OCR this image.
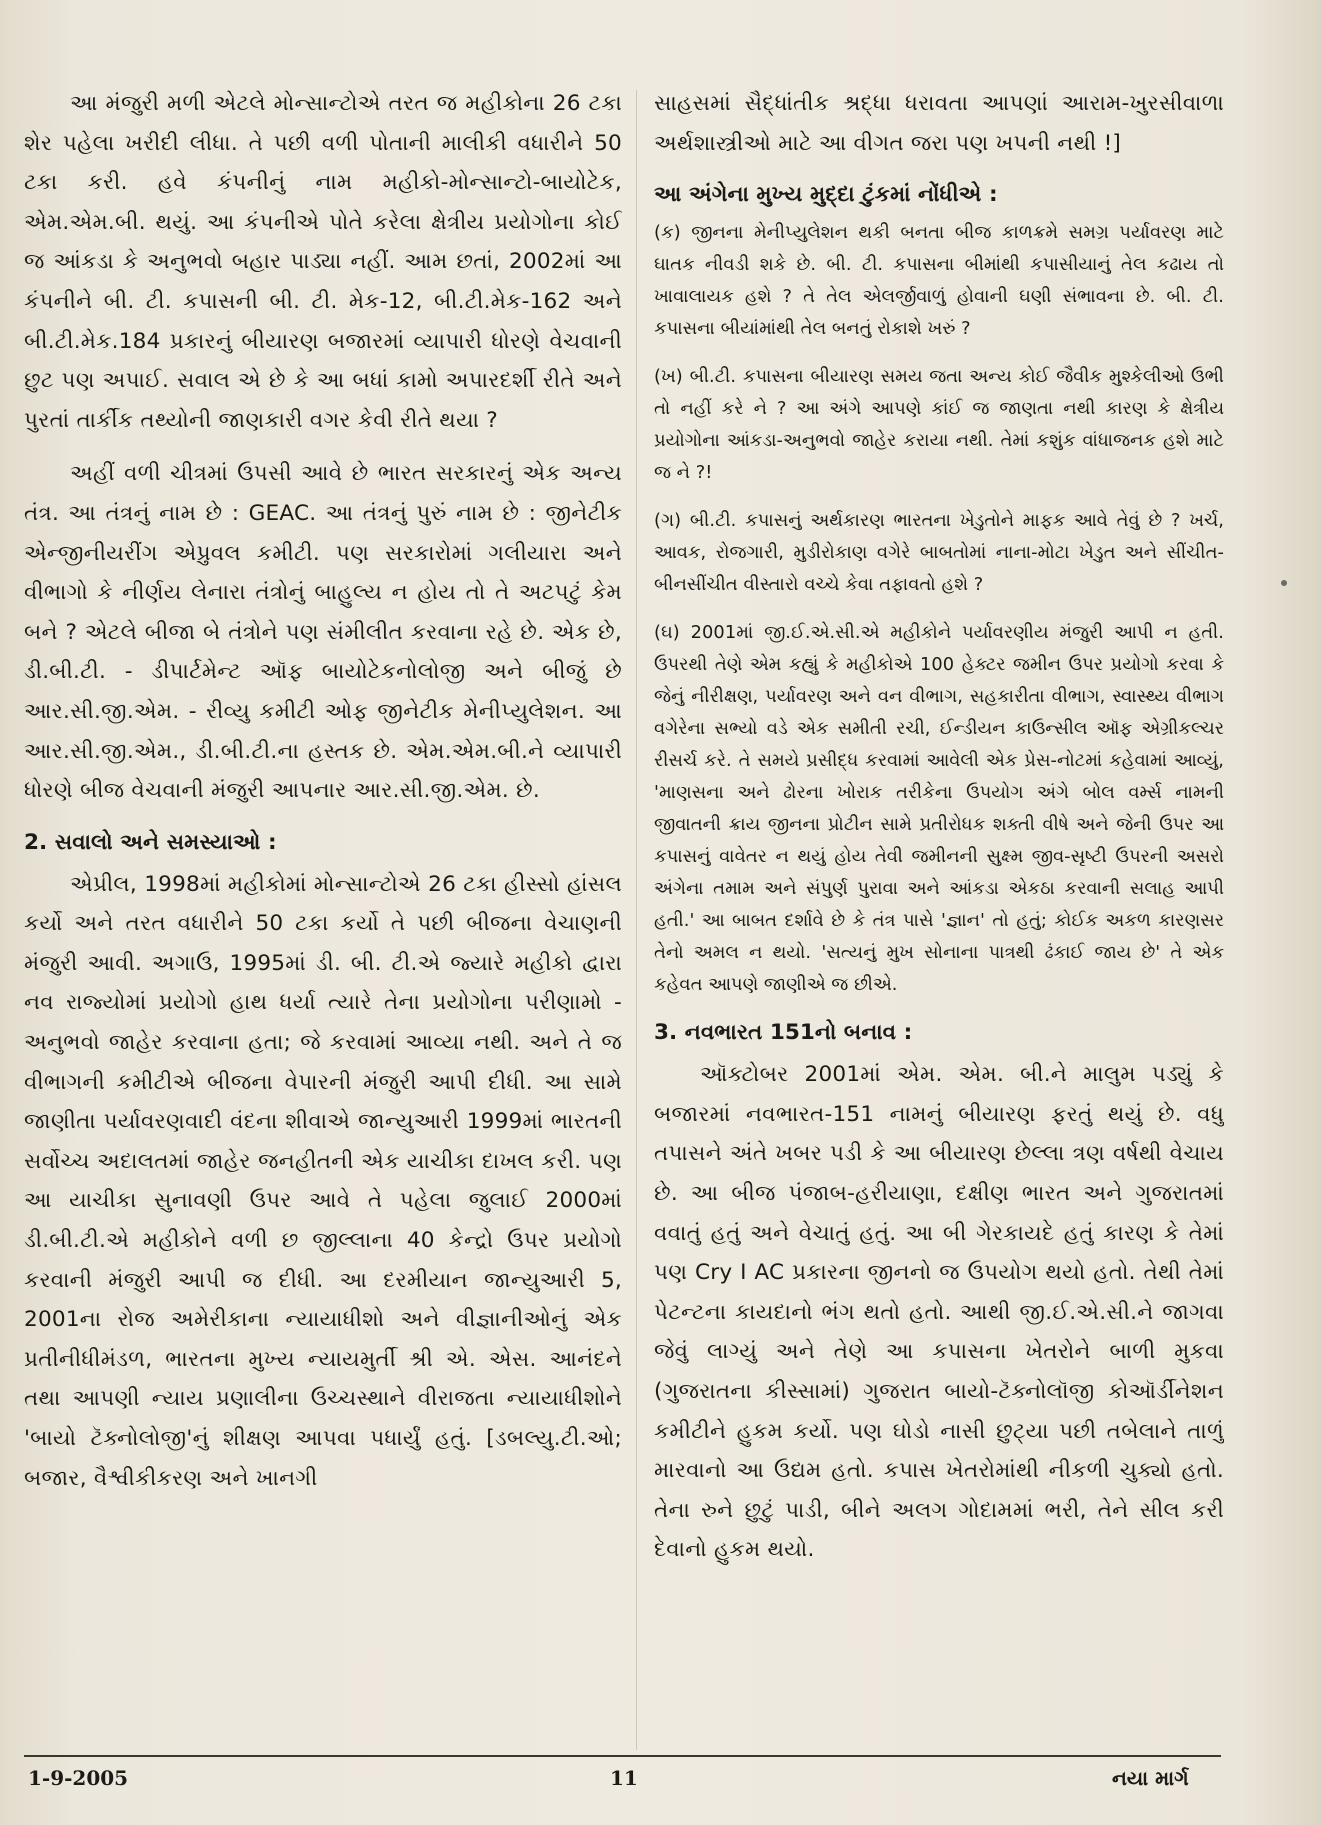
આ મંજુરી મળી એટલે મોન્સાન્ટોએ તરત જ મહીકોના 26 ટકા શેર પહેલા ખરીદી લીધા. તે પછી વળી પોતાની માલીકી વધારીને 50 ટકા કરી. હવે કંપનીનું નામ મહીકો-મોન્સાન્ટો-બાયોટેક, એમ.એમ.બી. થયું. આ કંપનીએ પોતે કરેલા ક્ષેત્રીય પ્રયોગોના કોઈ જ આંકડા કે અનુભવો બહાર પાડ્યા નહીં. આમ છતાં, 2002માં આ કંપનીને બી. ટી. કપાસની બી. ટી. મેક-12, બી.ટી.મેક-162 અને બી.ટી.મેક.184 પ્રકારનું બીયારણ બજારમાં વ્યાપારી ધોરણે વેચવાની છુટ પણ અપાઈ. સવાલ એ છે કે આ બધાં કામો અપારદર્શી રીતે અને પુરતાં તાર્કીક તથ્યોની જાણકારી વગર કેવી રીતે થયા ?

અહીં વળી ચીત્રમાં ઉપસી આવે છે ભારત સરકારનું એક અન્ય તંત્ર. આ તંત્રનું નામ છે : GEAC. આ તંત્રનું પુરું નામ છે : જીનેટીક એન્જીનીયરીંગ એપ્રુવલ કમીટી. પણ સરકારોમાં ગલીયારા અને વીભાગો કે નીર્ણય લેનારા તંત્રોનું બાહુલ્ય ન હોય તો તે અટપટું કેમ બને ? એટલે બીજા બે તંત્રોને પણ સંમીલીત કરવાના રહે છે. એક છે, ડી.બી.ટી. - ડીપાર્ટમેન્ટ ઑફ બાયોટેકનોલોજી અને બીજું છે આર.સી.જી.એમ. - રીવ્યુ કમીટી ઓફ જીનેટીક મેનીપ્યુલેશન. આ આર.સી.જી.એમ., ડી.બી.ટી.ના હસ્તક છે. એમ.એમ.બી.ને વ્યાપારી ધોરણે બીજ વેચવાની મંજુરી આપનાર આર.સી.જી.એમ. છે.

2. સવાલો અને સમસ્યાઓ :

એપ્રીલ, 1998માં મહીકોમાં મોન્સાન્ટોએ 26 ટકા હીસ્સો હાંસલ કર્યો અને તરત વધારીને 50 ટકા કર્યો તે પછી બીજના વેચાણની મંજુરી આવી. અગાઉ, 1995માં ડી. બી. ટી.એ જ્યારે મહીકો દ્વારા નવ રાજ્યોમાં પ્રયોગો હાથ ધર્યા ત્યારે તેના પ્રયોગોના પરીણામો - અનુભવો જાહેર કરવાના હતા; જે કરવામાં આવ્યા નથી. અને તે જ વીભાગની કમીટીએ બીજના વેપારની મંજુરી આપી દીધી. આ સામે જાણીતા પર્યાવરણવાદી વંદના શીવાએ જાન્યુઆરી 1999માં ભારતની સર્વોચ્ચ અદાલતમાં જાહેર જનહીતની એક યાચીકા દાખલ કરી. પણ આ યાચીકા સુનાવણી ઉપર આવે તે પહેલા જુલાઈ 2000માં ડી.બી.ટી.એ મહીકોને વળી છ જીલ્લાના 40 કેન્દ્રો ઉપર પ્રયોગો કરવાની મંજુરી આપી જ દીધી. આ દરમીયાન જાન્યુઆરી 5, 2001ના રોજ અમેરીકાના ન્યાયાધીશો અને વીજ્ઞાનીઓનું એક પ્રતીનીધીમંડળ, ભારતના મુખ્ય ન્યાયમુર્તી શ્રી એ. એસ. આનંદને તથા આપણી ન્યાય પ્રણાલીના ઉચ્ચસ્થાને વીરાજતા ન્યાયાધીશોને 'બાયો ટૅક્નોલોજી'નું શીક્ષણ આપવા પધાર્યું હતું. [ડબલ્યુ.ટી.ઓ; બજાર, વૈશ્વીકીકરણ અને ખાનગી

સાહસમાં સૈદ્ધાંતીક શ્રદ્ધા ધરાવતા આપણાં આરામ-ખુરસીવાળા અર્થશાસ્ત્રીઓ માટે આ વીગત જરા પણ ખપની નથી !]

આ અંગેના મુખ્ય મુદ્દા ટુંકમાં નોંધીએ :

(ક) જીનના મેનીપ્યુલેશન થકી બનતા બીજ કાળક્રમે સમગ્ર પર્યાવરણ માટે ઘાતક નીવડી શકે છે. બી. ટી. કપાસના બીમાંથી કપાસીયાનું તેલ કઢાય તો ખાવાલાયક હશે ? તે તેલ એલર્જીવાળું હોવાની ઘણી સંભાવના છે. બી. ટી. કપાસના બીયાંમાંથી તેલ બનતું રોકાશે ખરું ?

(ખ) બી.ટી. કપાસના બીયારણ સમય જતા અન્ય કોઈ જૈવીક મુશ્કેલીઓ ઉભી તો નહીં કરે ને ? આ અંગે આપણે કાંઈ જ જાણતા નથી કારણ કે ક્ષેત્રીય પ્રયોગોના આંકડા-અનુભવો જાહેર કરાયા નથી. તેમાં કશુંક વાંધાજનક હશે માટે જ ને ?!

(ગ) બી.ટી. કપાસનું અર્થકારણ ભારતના ખેડુતોને માફક આવે તેવું છે ? ખર્ચ, આવક, રોજગારી, મુડીરોકાણ વગેરે બાબતોમાં નાના-મોટા ખેડુત અને સીંચીત-બીનસીંચીત વીસ્તારો વચ્ચે કેવા તફાવતો હશે ?

(ઘ) 2001માં જી.ઈ.એ.સી.એ મહીકોને પર્યાવરણીય મંજુરી આપી ન હતી. ઉપરથી તેણે એમ કહ્યું કે મહીકોએ 100 હેક્ટર જમીન ઉપર પ્રયોગો કરવા કે જેનું નીરીક્ષણ, પર્યાવરણ અને વન વીભાગ, સહકારીતા વીભાગ, સ્વાસ્થ્ય વીભાગ વગેરેના સભ્યો વડે એક સમીતી રચી, ઈન્ડીયન કાઉન્સીલ ઑફ એગ્રીકલ્ચર રીસર્ચ કરે. તે સમયે પ્રસીદ્ધ કરવામાં આવેલી એક પ્રેસ-નોટમાં કહેવામાં આવ્યું, 'માણસના અને ઢોરના ખોરાક તરીકેના ઉપયોગ અંગે બોલ વર્મ્સ નામની જીવાતની ક્રાય જીનના પ્રોટીન સામે પ્રતીરોધક શક્તી વીષે અને જેની ઉપર આ કપાસનું વાવેતર ન થયું હોય તેવી જમીનની સુક્ષ્મ જીવ-સૃષ્ટી ઉપરની અસરો અંગેના તમામ અને સંપુર્ણ પુરાવા અને આંકડા એકઠા કરવાની સલાહ આપી હતી.' આ બાબત દર્શાવે છે કે તંત્ર પાસે 'જ્ઞાન' તો હતું; કોઈક અકળ કારણસર તેનો અમલ ન થયો. 'સત્યનું મુખ સોનાના પાત્રથી ઢંકાઈ જાય છે' તે એક કહેવત આપણે જાણીએ જ છીએ.

3. નવભારત 151નો બનાવ :

ઑક્ટોબર 2001માં એમ. એમ. બી.ને માલુમ પડ્યું કે બજારમાં નવભારત-151 નામનું બીયારણ ફરતું થયું છે. વધુ તપાસને અંતે ખબર પડી કે આ બીયારણ છેલ્લા ત્રણ વર્ષથી વેચાય છે. આ બીજ પંજાબ-હરીયાણા, દક્ષીણ ભારત અને ગુજરાતમાં વવાતું હતું અને વેચાતું હતું. આ બી ગેરકાયદે હતું કારણ કે તેમાં પણ Cry I AC પ્રકારના જીનનો જ ઉપયોગ થયો હતો. તેથી તેમાં પેટન્ટના કાયદાનો ભંગ થતો હતો. આથી જી.ઈ.એ.સી.ને જાગવા જેવું લાગ્યું અને તેણે આ કપાસના ખેતરોને બાળી મુકવા (ગુજરાતના કીસ્સામાં) ગુજરાત બાયો-ટૅક્નોલૉજી કોઑર્ડીનેશન કમીટીને હુકમ કર્યો. પણ ઘોડો નાસી છુટ્યા પછી તબેલાને તાળું મારવાનો આ ઉદ્યમ હતો. કપાસ ખેતરોમાંથી નીકળી ચુક્યો હતો. તેના રુને છુટું પાડી, બીને અલગ ગોદામમાં ભરી, તેને સીલ કરી દેવાનો હુકમ થયો.

1-9-2005	11	નયા માર્ગ
